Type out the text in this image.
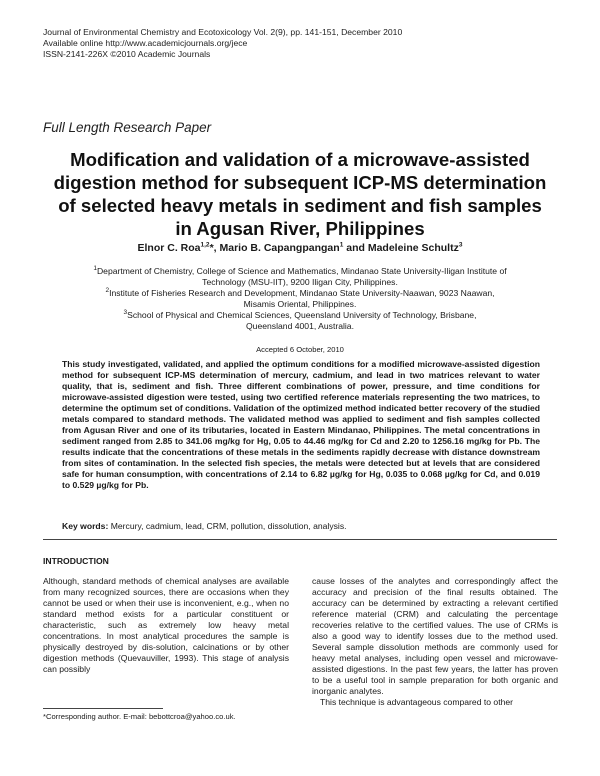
Journal of Environmental Chemistry and Ecotoxicology Vol. 2(9), pp. 141-151, December 2010
Available online http://www.academicjournals.org/jece
ISSN-2141-226X ©2010 Academic Journals
Full Length Research Paper
Modification and validation of a microwave-assisted
digestion method for subsequent ICP-MS determination
of selected heavy metals in sediment and fish samples
in Agusan River, Philippines
Elnor C. Roa$^{1,2}$*, Mario B. Capangpangan$^1$ and Madeleine Schultz$^3$
$^1$Department of Chemistry, College of Science and Mathematics, Mindanao State University-Iligan Institute of
Technology (MSU-IIT), 9200 Iligan City, Philippines.
$^2$Institute of Fisheries Research and Development, Mindanao State University-Naawan, 9023 Naawan,
Misamis Oriental, Philippines.
$^3$School of Physical and Chemical Sciences, Queensland University of Technology, Brisbane,
Queensland 4001, Australia.
Accepted 6 October, 2010
This study investigated, validated, and applied the optimum conditions for a modified microwave-assisted digestion method for subsequent ICP-MS determination of mercury, cadmium, and lead in two matrices relevant to water quality, that is, sediment and fish. Three different combinations of power, pressure, and time conditions for microwave-assisted digestion were tested, using two certified reference materials representing the two matrices, to determine the optimum set of conditions. Validation of the optimized method indicated better recovery of the studied metals compared to standard methods. The validated method was applied to sediment and fish samples collected from Agusan River and one of its tributaries, located in Eastern Mindanao, Philippines. The metal concentrations in sediment ranged from 2.85 to 341.06 mg/kg for Hg, 0.05 to 44.46 mg/kg for Cd and 2.20 to 1256.16 mg/kg for Pb. The results indicate that the concentrations of these metals in the sediments rapidly decrease with distance downstream from sites of contamination. In the selected fish species, the metals were detected but at levels that are considered safe for human consumption, with concentrations of 2.14 to 6.82 µg/kg for Hg, 0.035 to 0.068 µg/kg for Cd, and 0.019 to 0.529 µg/kg for Pb.
Key words: Mercury, cadmium, lead, CRM, pollution, dissolution, analysis.
INTRODUCTION

Although, standard methods of chemical analyses are available from many recognized sources, there are occasions when they cannot be used or when their use is inconvenient, e.g., when no standard method exists for a particular constituent or characteristic, such as extremely low heavy metal concentrations. In most analytical procedures the sample is physically destroyed by dis-solution, calcinations or by other digestion methods (Quevauviller, 1993). This stage of analysis can possibly

cause losses of the analytes and correspondingly affect the accuracy and precision of the final results obtained. The accuracy can be determined by extracting a relevant certified reference material (CRM) and calculating the percentage recoveries relative to the certified values. The use of CRMs is also a good way to identify losses due to the method used. Several sample dissolution methods are commonly used for heavy metal analyses, including open vessel and microwave-assisted digestions. In the past few years, the latter has proven to be a useful tool in sample preparation for both organic and inorganic analytes.

This technique is advantageous compared to other

*Corresponding author. E-mail: bebottcroa@yahoo.co.uk.
